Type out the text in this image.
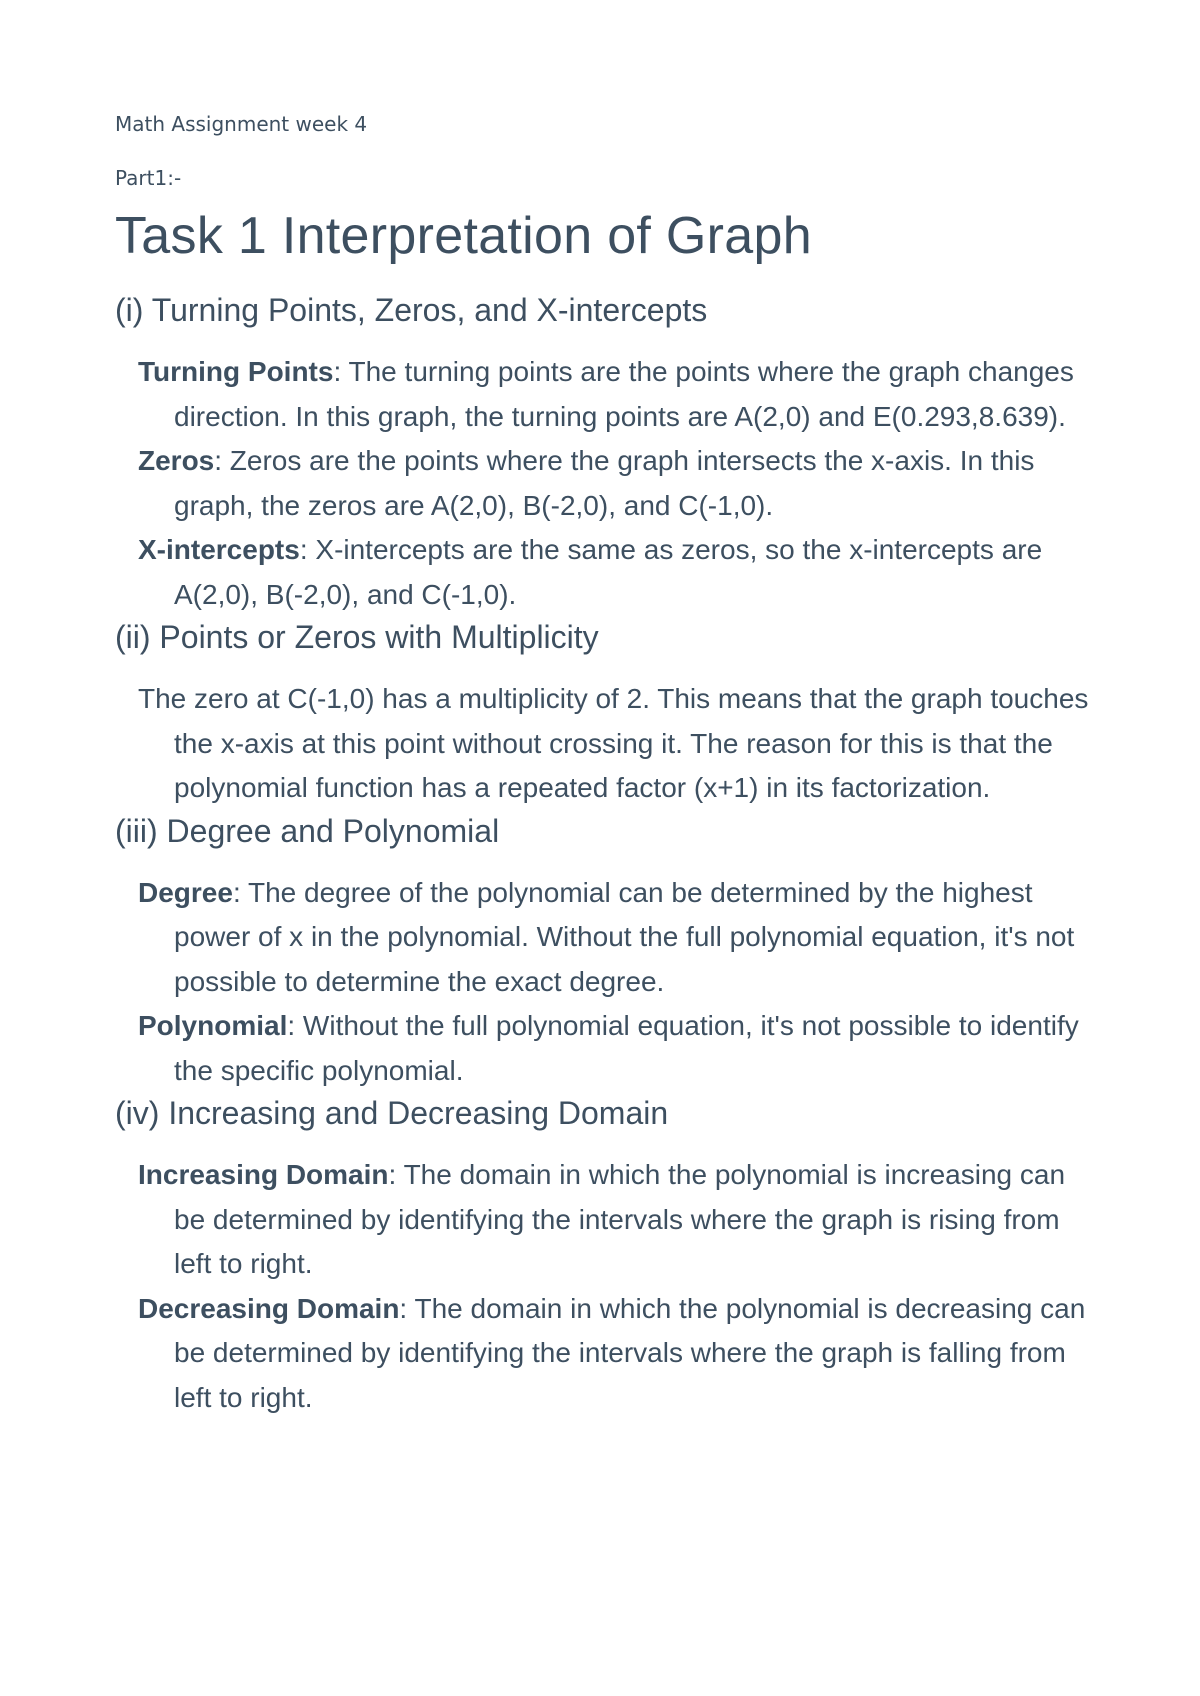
Math Assignment week 4

Part1:-

Task 1 Interpretation of Graph
(i) Turning Points, Zeros, and X-intercepts

Turning Points: The turning points are the points where the graph changes direction. In this graph, the turning points are A(2,0) and E(0.293,8.639).

Zeros: Zeros are the points where the graph intersects the x-axis. In this graph, the zeros are A(2,0), B(-2,0), and C(-1,0).

X-intercepts: X-intercepts are the same as zeros, so the x-intercepts are A(2,0), B(-2,0), and C(-1,0).

(ii) Points or Zeros with Multiplicity

The zero at C(-1,0) has a multiplicity of 2. This means that the graph touches the x-axis at this point without crossing it. The reason for this is that the polynomial function has a repeated factor (x+1) in its factorization.

(iii) Degree and Polynomial

Degree: The degree of the polynomial can be determined by the highest power of x in the polynomial. Without the full polynomial equation, it's not possible to determine the exact degree.

Polynomial: Without the full polynomial equation, it's not possible to identify the specific polynomial.

(iv) Increasing and Decreasing Domain

Increasing Domain: The domain in which the polynomial is increasing can be determined by identifying the intervals where the graph is rising from left to right.

Decreasing Domain: The domain in which the polynomial is decreasing can be determined by identifying the intervals where the graph is falling from left to right.
